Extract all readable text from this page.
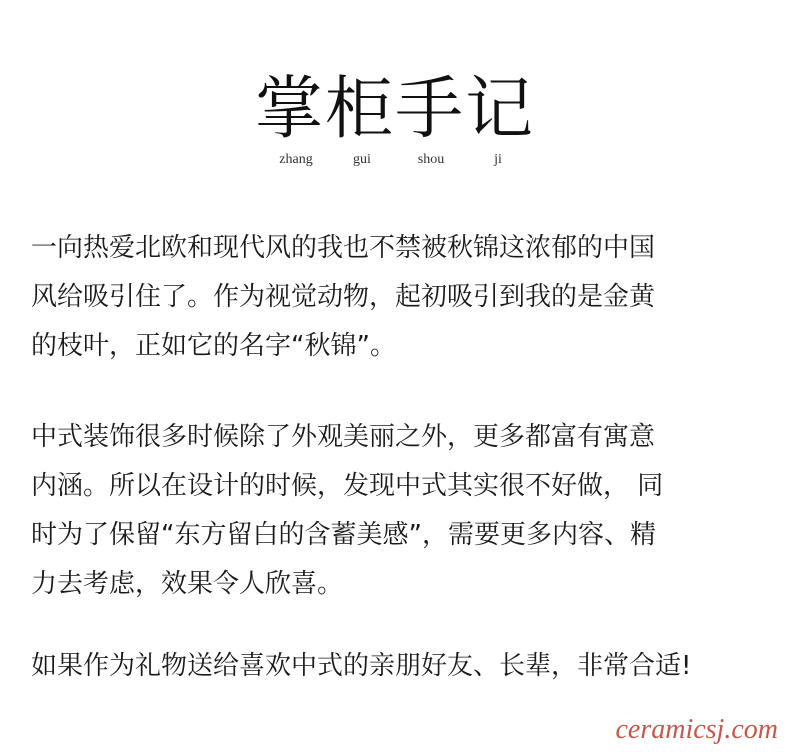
掌柜手记
zhang	gui	shou	ji
一向热爱北欧和现代风的我也不禁被秋锦这浓郁的中国
风给吸引住了。作为视觉动物，起初吸引到我的是金黄
的枝叶，正如它的名字“秋锦”。
中式装饰很多时候除了外观美丽之外，更多都富有寓意
内涵。所以在设计的时候，发现中式其实很不好做， 同
时为了保留“东方留白的含蓄美感”，需要更多内容、精
力去考虑，效果令人欣喜。
如果作为礼物送给喜欢中式的亲朋好友、长辈，非常合适!
ceramicsj.com
